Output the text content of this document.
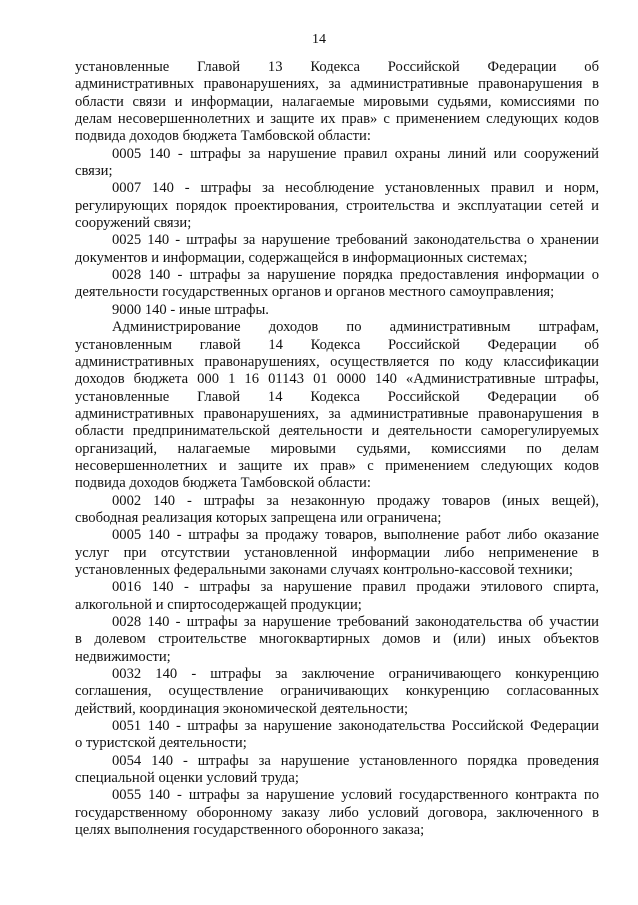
14
установленные Главой 13 Кодекса Российской Федерации об
административных правонарушениях, за административные правонарушения в
области связи и информации, налагаемые мировыми судьями, комиссиями по
делам несовершеннолетних и защите их прав» с применением следующих кодов
подвида доходов бюджета Тамбовской области:
0005 140 - штрафы за нарушение правил охраны линий или сооружений
связи;
0007 140 - штрафы за несоблюдение установленных правил и норм,
регулирующих порядок проектирования, строительства и эксплуатации сетей и
сооружений связи;
0025 140 - штрафы за нарушение требований законодательства о хранении
документов и информации, содержащейся в информационных системах;
0028 140 - штрафы за нарушение порядка предоставления информации о
деятельности государственных органов и органов местного самоуправления;
9000 140 - иные штрафы.
Администрирование доходов по административным штрафам,
установленным главой 14 Кодекса Российской Федерации об
административных правонарушениях, осуществляется по коду классификации
доходов бюджета 000 1 16 01143 01 0000 140 «Административные штрафы,
установленные Главой 14 Кодекса Российской Федерации об
административных правонарушениях, за административные правонарушения в
области предпринимательской деятельности и деятельности саморегулируемых
организаций, налагаемые мировыми судьями, комиссиями по делам
несовершеннолетних и защите их прав» с применением следующих кодов
подвида доходов бюджета Тамбовской области:
0002 140 - штрафы за незаконную продажу товаров (иных вещей),
свободная реализация которых запрещена или ограничена;
0005 140 - штрафы за продажу товаров, выполнение работ либо оказание
услуг при отсутствии установленной информации либо неприменение в
установленных федеральными законами случаях контрольно-кассовой техники;
0016 140 - штрафы за нарушение правил продажи этилового спирта,
алкогольной и спиртосодержащей продукции;
0028 140 - штрафы за нарушение требований законодательства об участии
в долевом строительстве многоквартирных домов и (или) иных объектов
недвижимости;
0032 140 - штрафы за заключение ограничивающего конкуренцию
соглашения, осуществление ограничивающих конкуренцию согласованных
действий, координация экономической деятельности;
0051 140 - штрафы за нарушение законодательства Российской Федерации
о туристской деятельности;
0054 140 - штрафы за нарушение установленного порядка проведения
специальной оценки условий труда;
0055 140 - штрафы за нарушение условий государственного контракта по
государственному оборонному заказу либо условий договора, заключенного в
целях выполнения государственного оборонного заказа;
